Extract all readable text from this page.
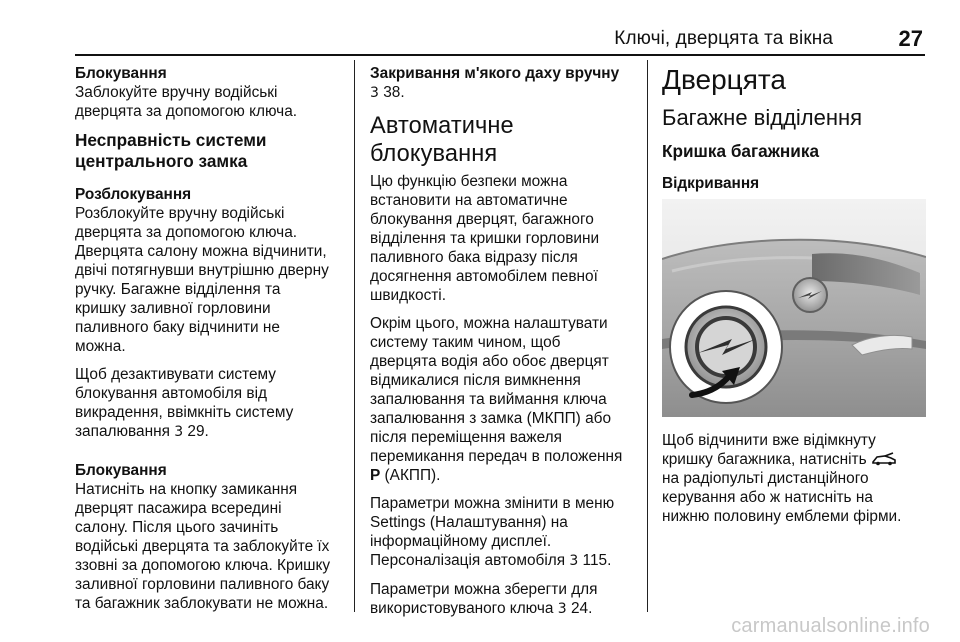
Ключі, дверцята та вікна	27
Блокування
Заблокуйте вручну водійські
дверцята за допомогою ключа.
Несправність системи
центрального замка
Розблокування
Розблокуйте вручну водійські
дверцята за допомогою ключа.
Дверцята салону можна відчинити,
двічі потягнувши внутрішню дверну
ручку. Багажне відділення та
кришку заливної горловини
паливного баку відчинити не
можна.
Щоб дезактивувати систему
блокування автомобіля від
викрадення, ввімкніть систему
запалювання 3 29.
Блокування
Натисніть на кнопку замикання
дверцят пасажира всередині
салону. Після цього зачиніть
водійські дверцята та заблокуйте їх
ззовні за допомогою ключа. Кришку
заливної горловини паливного баку
та багажник заблокувати не можна.
Закривання м'якого даху вручну
3 38.
Автоматичне блокування
Цю функцію безпеки можна
встановити на автоматичне
блокування дверцят, багажного
відділення та кришки горловини
паливного бака відразу після
досягнення автомобілем певної
швидкості.
Окрім цього, можна налаштувати
систему таким чином, щоб
дверцята водія або обоє дверцят
відмикалися після вимкнення
запалювання та виймання ключа
запалювання з замка (МКПП) або
після переміщення важеля
перемикання передач в положення
P (АКПП).
Параметри можна змінити в меню
Settings (Налаштування) на
інформаційному дисплеї.
Персоналізація автомобіля 3 115.
Параметри можна зберегти для
використовуваного ключа 3 24.
Дверцята
Багажне відділення
Кришка багажника
Відкривання
Щоб відчинити вже відімкнуту
кришку багажника, натисніть
на радіопульті дистанційного
керування або ж натисніть на
нижню половину емблеми фірми.
carmanualsonline.info
